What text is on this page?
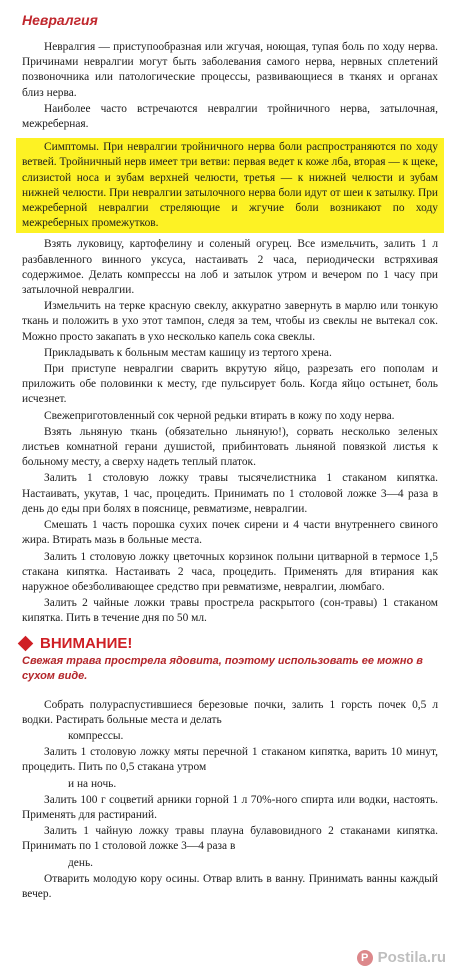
Невралгия

Невралгия — приступообразная или жгучая, ноющая, тупая боль по ходу нерва. Причинами невралгии могут быть заболевания самого нерва, нервных сплетений позвоночника или патологические процессы, развивающиеся в тканях и органах близ нерва.

Наиболее часто встречаются невралгии тройничного нерва, затылочная, межреберная.

Симптомы. При невралгии тройничного нерва боли распространяются по ходу ветвей. Тройничный нерв имеет три ветви: первая ведет к коже лба, вторая — к щеке, слизистой носа и зубам верхней челюсти, третья — к нижней челюсти и зубам нижней челюсти. При невралгии затылочного нерва боли идут от шеи к затылку. При межреберной невралгии стреляющие и жгучие боли возникают по ходу межреберных промежутков.

Взять луковицу, картофелину и соленый огурец. Все измельчить, залить 1 л разбавленного винного уксуса, настаивать 2 часа, периодически встряхивая содержимое. Делать компрессы на лоб и затылок утром и вечером по 1 часу при затылочной невралгии.

Измельчить на терке красную свеклу, аккуратно завернуть в марлю или тонкую ткань и положить в ухо этот тампон, следя за тем, чтобы из свеклы не вытекал сок. Можно просто закапать в ухо несколько капель сока свеклы.

Прикладывать к больным местам кашицу из тертого хрена.

При приступе невралгии сварить вкрутую яйцо, разрезать его пополам и приложить обе половинки к месту, где пульсирует боль. Когда яйцо остынет, боль исчезнет.

Свежеприготовленный сок черной редьки втирать в кожу по ходу нерва.

Взять льняную ткань (обязательно льняную!), сорвать несколько зеленых листьев комнатной герани душистой, прибинтовать льняной повязкой листья к больному месту, а сверху надеть теплый платок.

Залить 1 столовую ложку травы тысячелистника 1 стаканом кипятка. Настаивать, укутав, 1 час, процедить. Принимать по 1 столовой ложке 3—4 раза в день до еды при болях в пояснице, ревматизме, невралгии.

Смешать 1 часть порошка сухих почек сирени и 4 части внутреннего свиного жира. Втирать мазь в больные места.

Залить 1 столовую ложку цветочных корзинок полыни цитварной в термосе 1,5 стакана кипятка. Настаивать 2 часа, процедить. Применять для втирания как наружное обезболивающее средство при ревматизме, невралгии, люмбаго.

Залить 2 чайные ложки травы прострела раскрытого (сон-травы) 1 стаканом кипятка. Пить в течение дня по 50 мл.

ВНИМАНИЕ!
Свежая трава прострела ядовита, поэтому использовать ее можно в сухом виде.

Собрать полураспустившиеся березовые почки, залить 1 горсть почек 0,5 л водки. Растирать больные места и делать

компрессы.

Залить 1 столовую ложку мяты перечной 1 стаканом кипятка, варить 10 минут, процедить. Пить по 0,5 стакана утром

и на ночь.

Залить 100 г соцветий арники горной 1 л 70%-ного спирта или водки, настоять. Применять для растираний.

Залить 1 чайную ложку травы плауна булавовидного 2 стаканами кипятка. Принимать по 1 столовой ложке 3—4 раза в

день.

Отварить молодую кору осины. Отвар влить в ванну. Принимать ванны каждый вечер.

P Postila.ru
